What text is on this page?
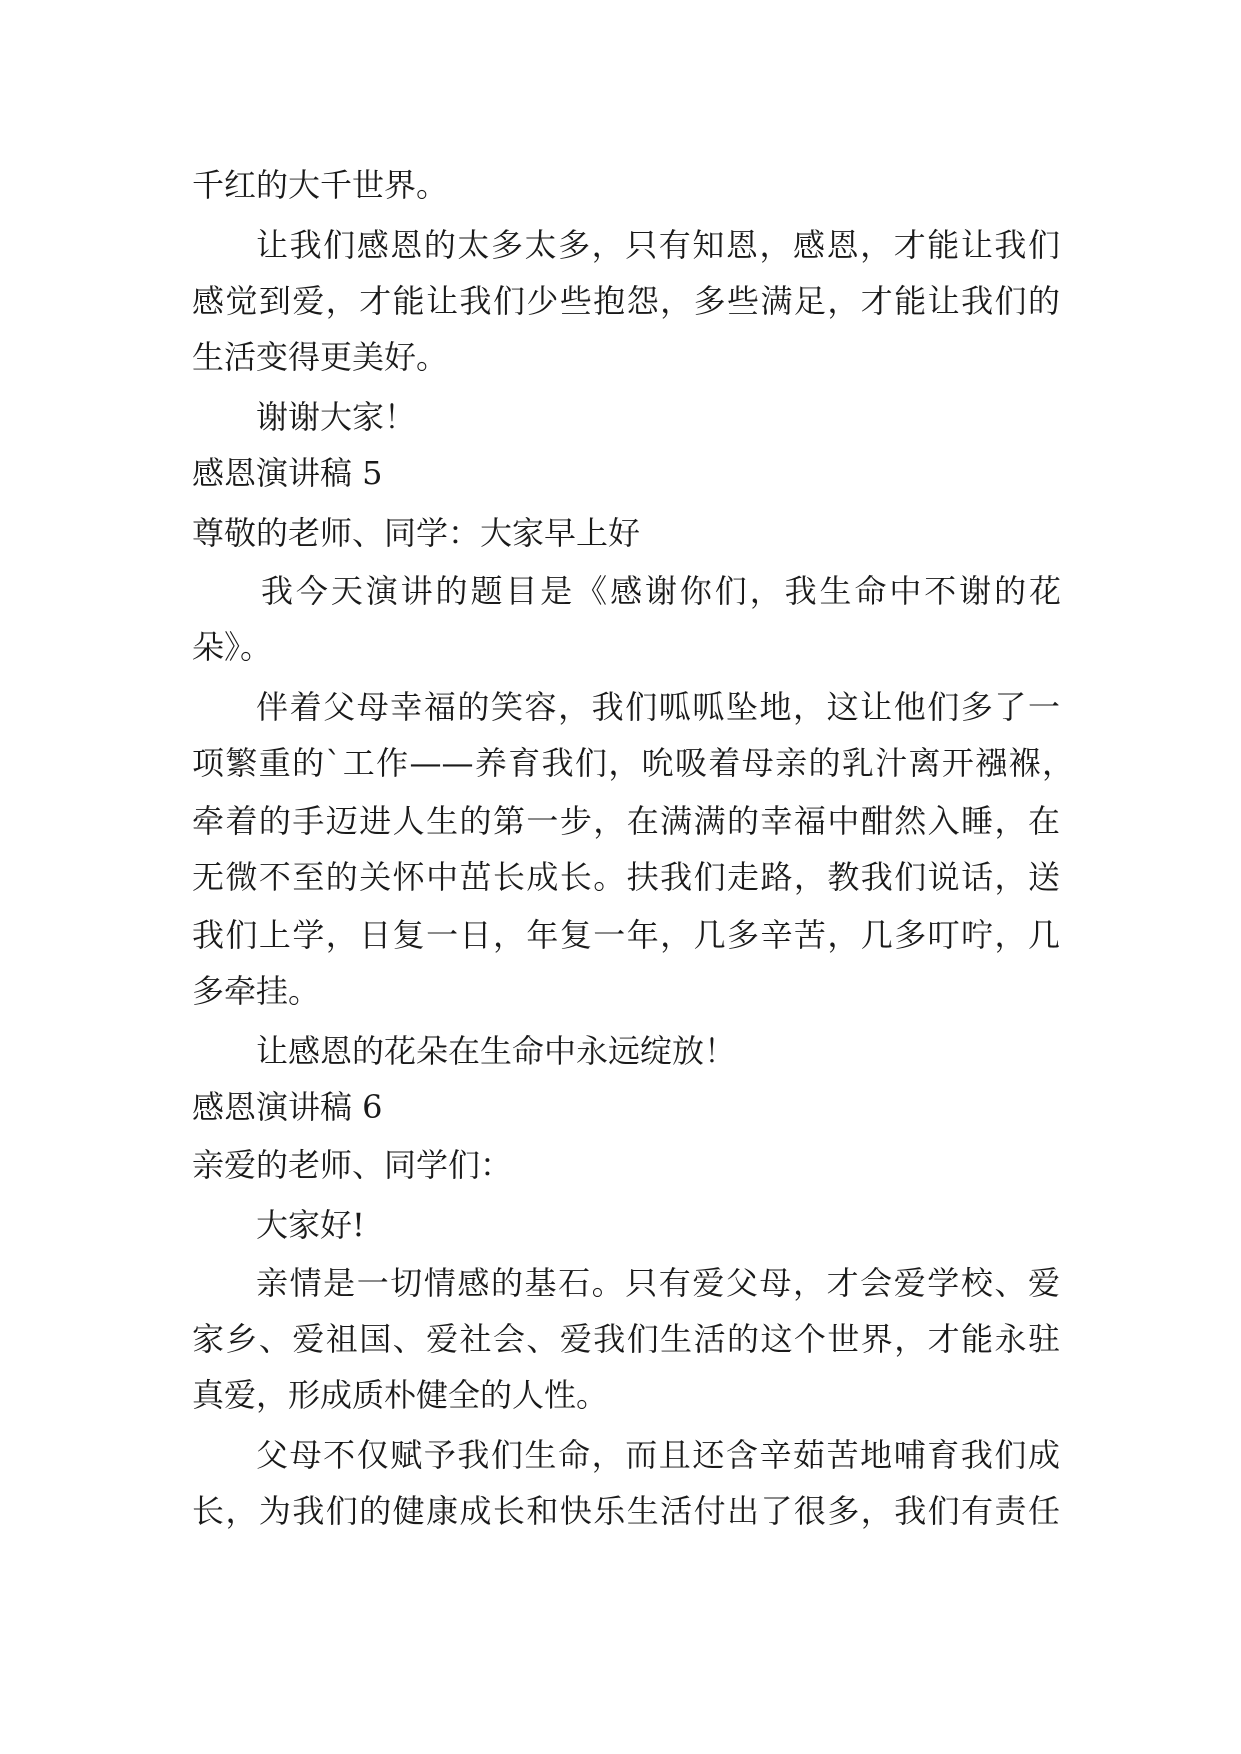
千红的大千世界。

让我们感恩的太多太多，只有知恩，感恩，才能让我们

感觉到爱，才能让我们少些抱怨，多些满足，才能让我们的

生活变得更美好。

谢谢大家！

感恩演讲稿 5

尊敬的老师、同学：大家早上好

我今天演讲的题目是《感谢你们，我生命中不谢的花

朵》。

伴着父母幸福的笑容，我们呱呱坠地，这让他们多了一

项繁重的`工作——养育我们，吮吸着母亲的乳汁离开襁褓，

牵着的手迈进人生的第一步，在满满的幸福中酣然入睡，在

无微不至的关怀中茁长成长。扶我们走路，教我们说话，送

我们上学，日复一日，年复一年，几多辛苦，几多叮咛，几

多牵挂。

让感恩的花朵在生命中永远绽放！

感恩演讲稿 6

亲爱的老师、同学们：

大家好!

亲情是一切情感的基石。只有爱父母，才会爱学校、爱

家乡、爱祖国、爱社会、爱我们生活的这个世界，才能永驻

真爱，形成质朴健全的人性。

父母不仅赋予我们生命，而且还含辛茹苦地哺育我们成

长，为我们的健康成长和快乐生活付出了很多，我们有责任
